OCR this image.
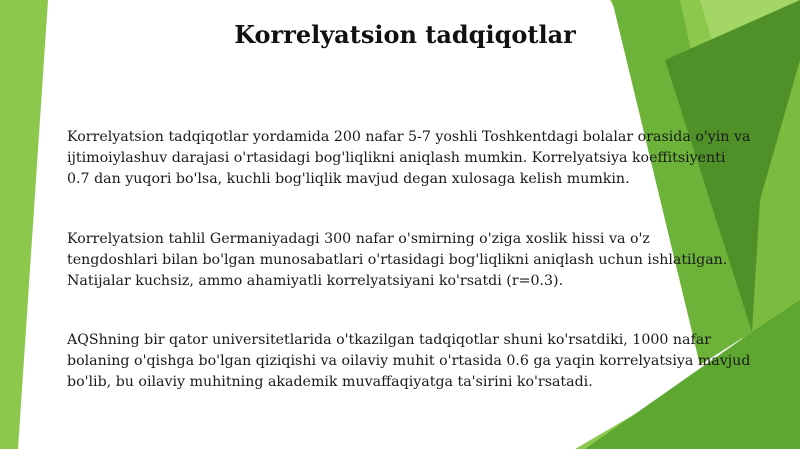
Korrelyatsion tadqiqotlar

Korrelyatsion tadqiqotlar yordamida 200 nafar 5-7 yoshli Toshkentdagi bolalar orasida o'yin va
ijtimoiylashuv darajasi o'rtasidagi bog'liqlikni aniqlash mumkin. Korrelyatsiya koeffitsiyenti
0.7 dan yuqori bo'lsa, kuchli bog'liqlik mavjud degan xulosaga kelish mumkin.

Korrelyatsion tahlil Germaniyadagi 300 nafar o'smirning o'ziga xoslik hissi va o'z
tengdoshlari bilan bo'lgan munosabatlari o'rtasidagi bog'liqlikni aniqlash uchun ishlatilgan.
Natijalar kuchsiz, ammo ahamiyatli korrelyatsiyani ko'rsatdi (r=0.3).

AQShning bir qator universitetlarida o'tkazilgan tadqiqotlar shuni ko'rsatdiki, 1000 nafar
bolaning o'qishga bo'lgan qiziqishi va oilaviy muhit o'rtasida 0.6 ga yaqin korrelyatsiya mavjud
bo'lib, bu oilaviy muhitning akademik muvaffaqiyatga ta'sirini ko'rsatadi.
